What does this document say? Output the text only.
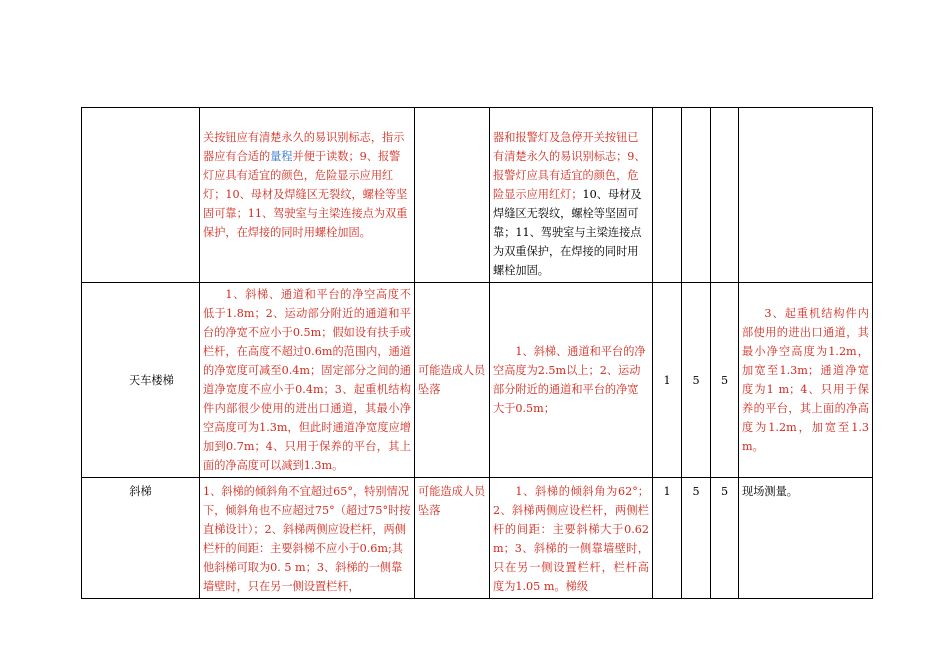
	关按钮应有清楚永久的易识别标志，指示器应有合适的量程并便于读数；9、报警灯应具有适宜的颜色，危险显示应用红灯；10、母材及焊缝区无裂纹，螺栓等坚固可靠；11、驾驶室与主梁连接点为双重保护，在焊接的同时用螺栓加固。		器和报警灯及急停开关按钮已有清楚永久的易识别标志；9、报警灯应具有适宜的颜色，危险显示应用红灯；10、母材及焊缝区无裂纹，螺栓等坚固可靠；11、驾驶室与主梁连接点为双重保护，在焊接的同时用螺栓加固。				
天车楼梯	1、斜梯、通道和平台的净空高度不低于1.8m；2、运动部分附近的通道和平台的净宽不应小于0.5m；假如设有扶手或栏杆，在高度不超过0.6m的范围内，通道的净宽度可减至0.4m；固定部分之间的通道净宽度不应小于0.4m；3、起重机结构件内部很少使用的进出口通道，其最小净空高度可为1.3m，但此时通道净宽度应增加到0.7m；4、只用于保养的平台，其上面的净高度可以减到1.3m。	可能造成人员坠落	1、斜梯、通道和平台的净空高度为2.5m以上；2、运动部分附近的通道和平台的净宽大于0.5m；	1	5	5	3、起重机结构件内部使用的进出口通道，其最小净空高度为1.2m，加宽至1.3m；通道净宽度为1 m；4、只用于保养的平台，其上面的净高度为1.2m，加宽至1.3m。
斜梯	1、斜梯的倾斜角不宜超过65°，特别情况下，倾斜角也不应超过75°（超过75°时按直梯设计）；2、斜梯两侧应设栏杆，两侧栏杆的间距：主要斜梯不应小于0.6m;其他斜梯可取为0. 5 m；3、斜梯的一侧靠墙壁时，只在另一侧设置栏杆，	可能造成人员坠落	1、斜梯的倾斜角为62°；2、斜梯两侧应设栏杆，两侧栏杆的间距：主要斜梯大于0.62m；3、斜梯的一侧靠墙壁时，只在另一侧设置栏杆，栏杆高度为1.05 m。梯级	1	5	5	现场测量。
